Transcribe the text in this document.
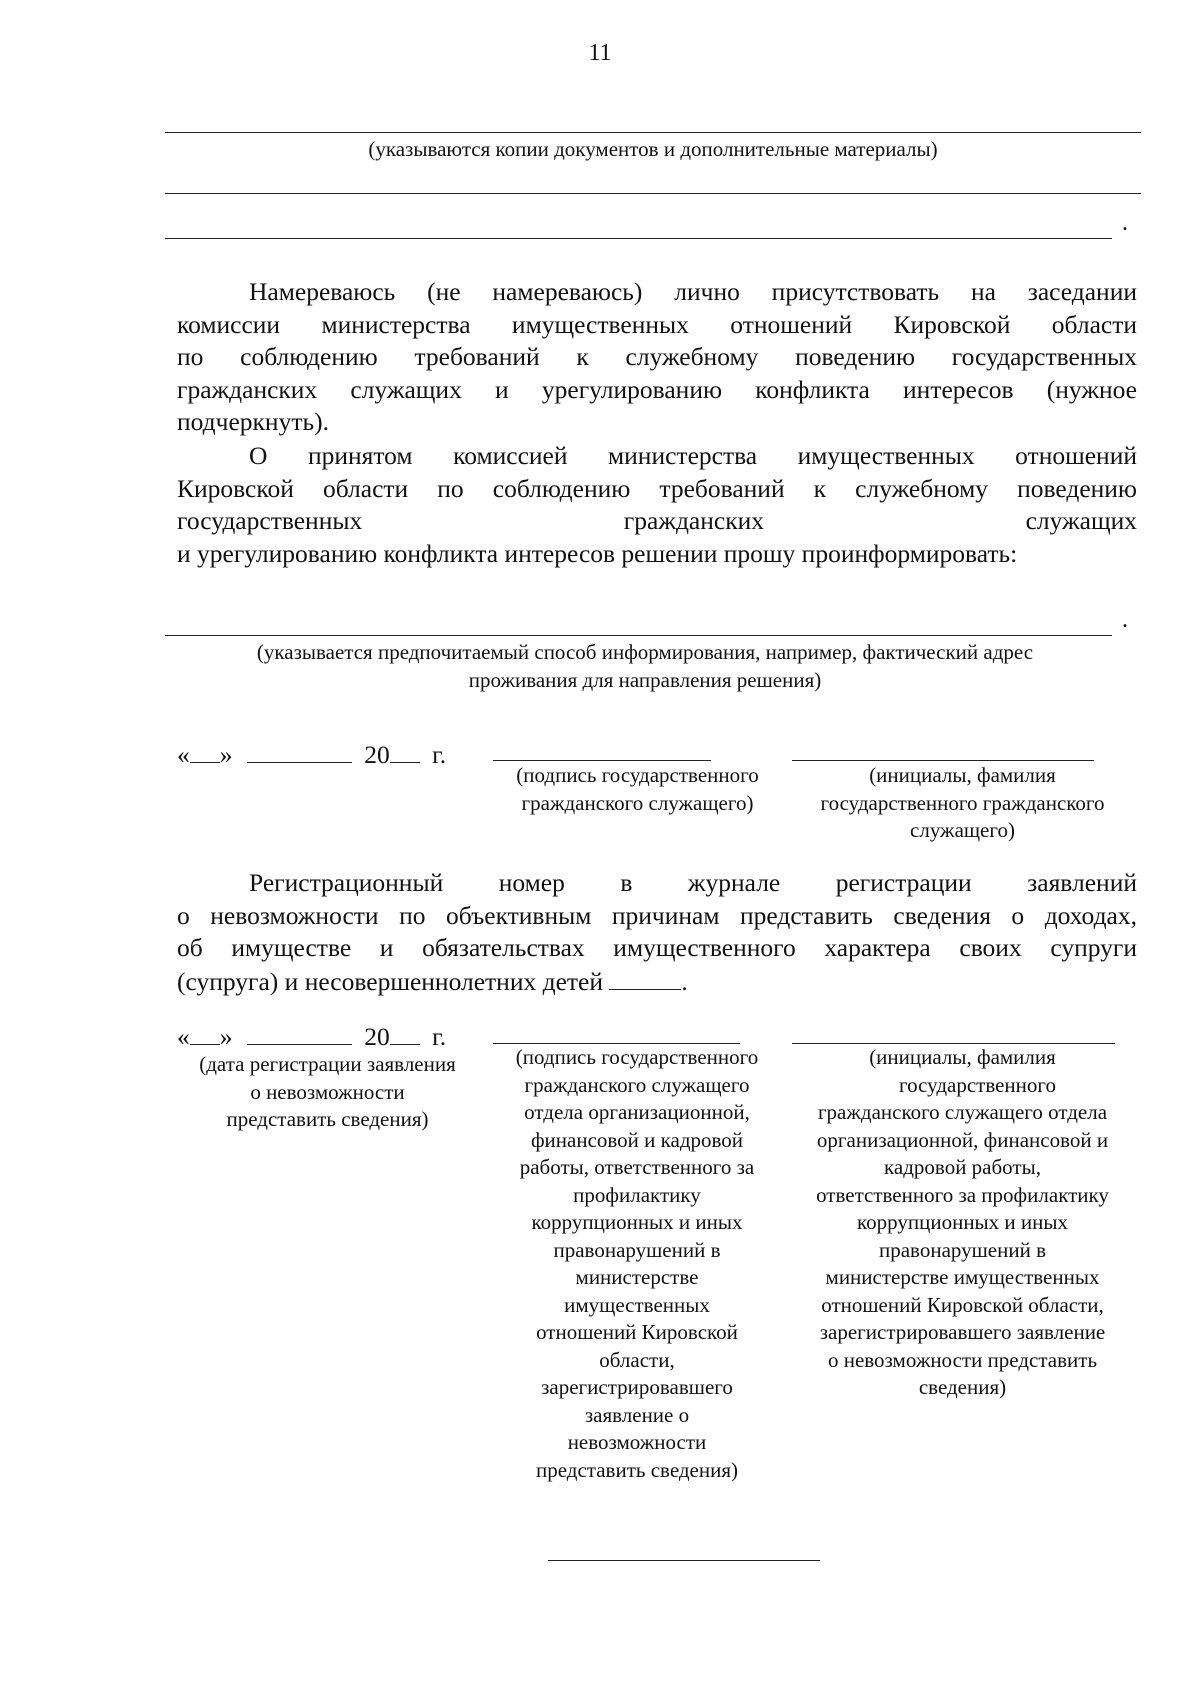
11
(указываются копии документов и дополнительные материалы)
.
Намереваюсь (не намереваюсь) лично присутствовать на заседании
комиссии министерства имущественных отношений Кировской области
по соблюдению требований к служебному поведению государственных
гражданских служащих и урегулированию конфликта интересов (нужное
подчеркнуть).
О принятом комиссией министерства имущественных отношений
Кировской области по соблюдению требований к служебному поведению
государственных гражданских служащих
и урегулированию конфликта интересов решении прошу проинформировать:
.
(указывается предпочитаемый способ информирования, например, фактический адрес
проживания для направления решения)
« »	20 г.
(подпись государственного
гражданского служащего)
(инициалы, фамилия
государственного гражданского
служащего)
Регистрационный номер в журнале регистрации заявлений
о невозможности по объективным причинам представить сведения о доходах,
об имуществе и обязательствах имущественного характера своих супруги
(супруга) и несовершеннолетних детей	.
« »	20 г.
(дата регистрации заявления
о невозможности
представить сведения)
(подпись государственного
гражданского служащего
отдела организационной,
финансовой и кадровой
работы, ответственного за
профилактику
коррупционных и иных
правонарушений в
министерстве
имущественных
отношений Кировской
области,
зарегистрировавшего
заявление о
невозможности
представить сведения)
(инициалы, фамилия
государственного
гражданского служащего отдела
организационной, финансовой и
кадровой работы,
ответственного за профилактику
коррупционных и иных
правонарушений в
министерстве имущественных
отношений Кировской области,
зарегистрировавшего заявление
о невозможности представить
сведения)
